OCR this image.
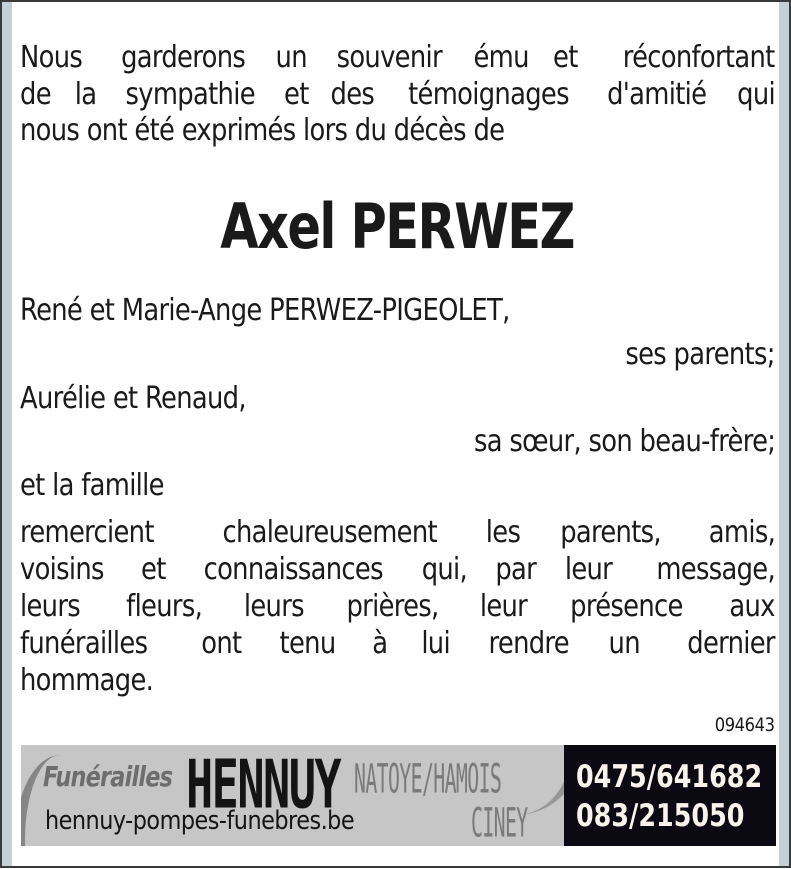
Nous garderons un souvenir ému et réconfortant
de la sympathie et des témoignages d'amitié qui
nous ont été exprimés lors du décès de
Axel PERWEZ
René et Marie-Ange PERWEZ-PIGEOLET,
ses parents;
Aurélie et Renaud,
sa sœur, son beau-frère;
et la famille
remercient chaleureusement les parents, amis,
voisins et connaissances qui, par leur message,
leurs fleurs, leurs prières, leur présence aux
funérailles ont tenu à lui rendre un dernier
hommage.
094643
Funérailles HENNUY NATOYE/HAMOIS
CINEY
hennuy-pompes-funebres.be
0475/641682
083/215050
